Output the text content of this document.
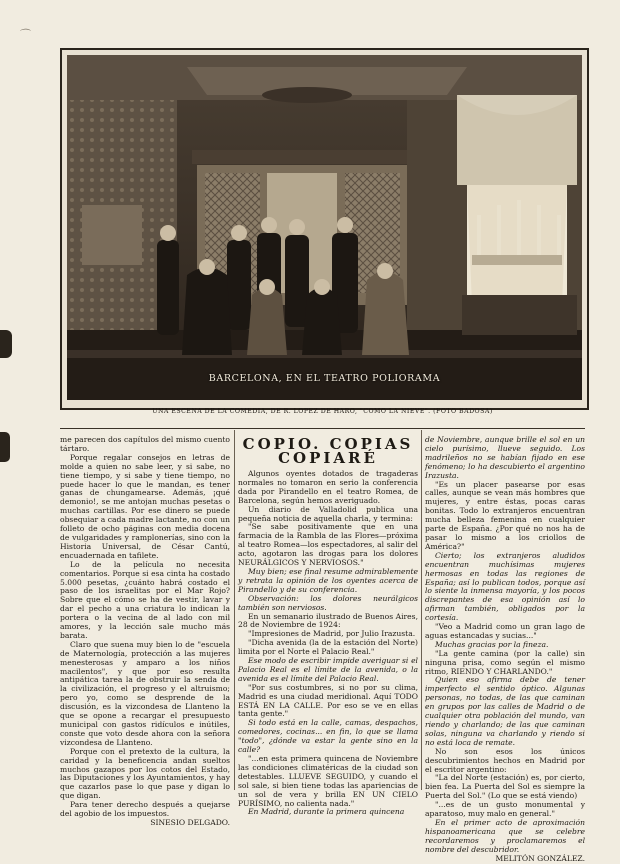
⌒
BARCELONA, EN EL TEATRO POLIORAMA
UNA ESCENA DE LA COMEDIA, DE R. LOPEZ DE HARO, "COMO LA NIEVE". (FOTO BADOSA)

me parecen dos capítulos del mismo cuento tártaro.

Porque regalar consejos en letras de molde a quien no sabe leer, y si sabe, no tiene tiempo, y si sabe y tiene tiempo, no puede hacer lo que le mandan, es tener ganas de chungamearse. Además, ¡qué demonio!, se me antojan muchas pesetas o muchas cartillas. Por ese dinero se puede obsequiar a cada madre lactante, no con un folleto de ocho páginas con media docena de vulgaridades y ramplonerías, sino con la Historia Universal, de César Cantú, encuadernada en tafilete.

Lo de la película no necesita comentarios. Porque si esa cinta ha costado 5.000 pesetas, ¿cuánto habrá costado el paso de los israelitas por el Mar Rojo? Sobre que el cómo se ha de vestir, lavar y dar el pecho a una criatura lo indican la portera o la vecina de al lado con mil amores, y la lección sale mucho más barata.

Claro que suena muy bien lo de "escuela de Maternología, protección a las mujeres menesterosas y amparo a los niños macilentos", y que por eso resulta antipática tarea la de obstruir la senda de la civilización, el progreso y el altruismo; pero yo, como se desprende de la discusión, es la vizcondesa de Llanteno la que se opone a recargar el presupuesto municipal con gastos ridículos e inútiles, conste que voto desde ahora con la señora vizcondesa de Llanteno.

Porque con el pretexto de la cultura, la caridad y la beneficencia andan sueltos muchos gazapos por los cotos del Estado, las Diputaciones y los Ayuntamientos, y hay que cazarlos pase lo que pase y digan lo que digan.

Para tener derecho después a quejarse del agobio de los impuestos.

SINESIO DELGADO.

COPIO. COPIAS
COPIARÉ

Algunos oyentes dotados de tragaderas normales no tomaron en serio la conferencia dada por Pirandello en el teatro Romea, de Barcelona, según hemos averiguado.

Un diario de Valladolid publica una pequeña noticia de aquella charla, y termina:

"Se sabe positivamente que en una farmacia de la Rambla de las Flores—próxima al teatro Romea—los espectadores, al salir del acto, agotaron las drogas para los dolores NEURÁLGICOS Y NERVIOSOS."

Muy bien; ese final resume admirablemente y retrata la opinión de los oyentes acerca de Pirandello y de su conferencia.

Observación: los dolores neurálgicos también son nerviosos.

En un semanario ilustrado de Buenos Aires, 28 de Noviembre de 1924:

"Impresiones de Madrid, por Julio Irazusta.

"Dicha avenida (la de la estación del Norte) limita por el Norte el Palacio Real."

Ese modo de escribir impide averiguar si el Palacio Real es el límite de la avenida, o la avenida es el límite del Palacio Real.

"Por sus costumbres, si no por su clima, Madrid es una ciudad meridional. Aquí TODO ESTÁ EN LA CALLE. Por eso se ve en ellas tanta gente."

Si todo está en la calle, camas, despachos, comedores, cocinas... en fin, lo que se llama "todo", ¿dónde va estar la gente sino en la calle?

"...en esta primera quincena de Noviembre las condiciones climatéricas de la ciudad son detestables. LLUEVE SEGUIDO, y cuando el sol sale, si bien tiene todas las apariencias de un sol de vera y brilla EN UN CIELO PURÍSIMO, no calienta nada."

En Madrid, durante la primera quincena

de Noviembre, aunque brille el sol en un cielo purísimo, llueve seguido. Los madrileños no se habían fijado en ese fenómeno; lo ha descubierto el argentino Irazusta.

"Es un placer pasearse por esas calles, aunque se vean más hombres que mujeres, y entre éstas, pocas caras bonitas. Todo lo extranjeros encuentran mucha belleza femenina en cualquier parte de España. ¿Por qué no nos ha de pasar lo mismo a los criollos de América?"

Cierto; los extranjeros aludidos encuentran muchísimas mujeres hermosas en todas las regiones de España; así lo publican todos, porque así lo siente la inmensa mayoría, y los pocos discrepantes de esa opinión así lo afirman también, obligados por la cortesía.

"Veo a Madrid como un gran lago de aguas estancadas y sucias..."

Muchas gracias por la fineza.

"La gente camina (por la calle) sin ninguna prisa, como según el mismo ritmo, RIENDO Y CHARLANDO."

Quien eso afirma debe de tener imperfecto el sentido óptico. Algunas personas, no todas, de las que caminan en grupos por las calles de Madrid o de cualquier otra población del mundo, van riendo y charlando; de las que caminan solas, ninguna va charlando y riendo si no está loca de remate.

No son esos los únicos descubrimientos hechos en Madrid por el escritor argentino:

"La del Norte (estación) es, por cierto, bien fea. La Puerta del Sol es siempre la Puerta del Sol." (Lo que se está viendo)

"...es de un gusto monumental y aparatoso, muy malo en general."

En el primer acto de aproximación hispanoamericana que se celebre recordaremos y proclamaremos el nombre del descubridor.

MELITÓN GONZÁLEZ.
